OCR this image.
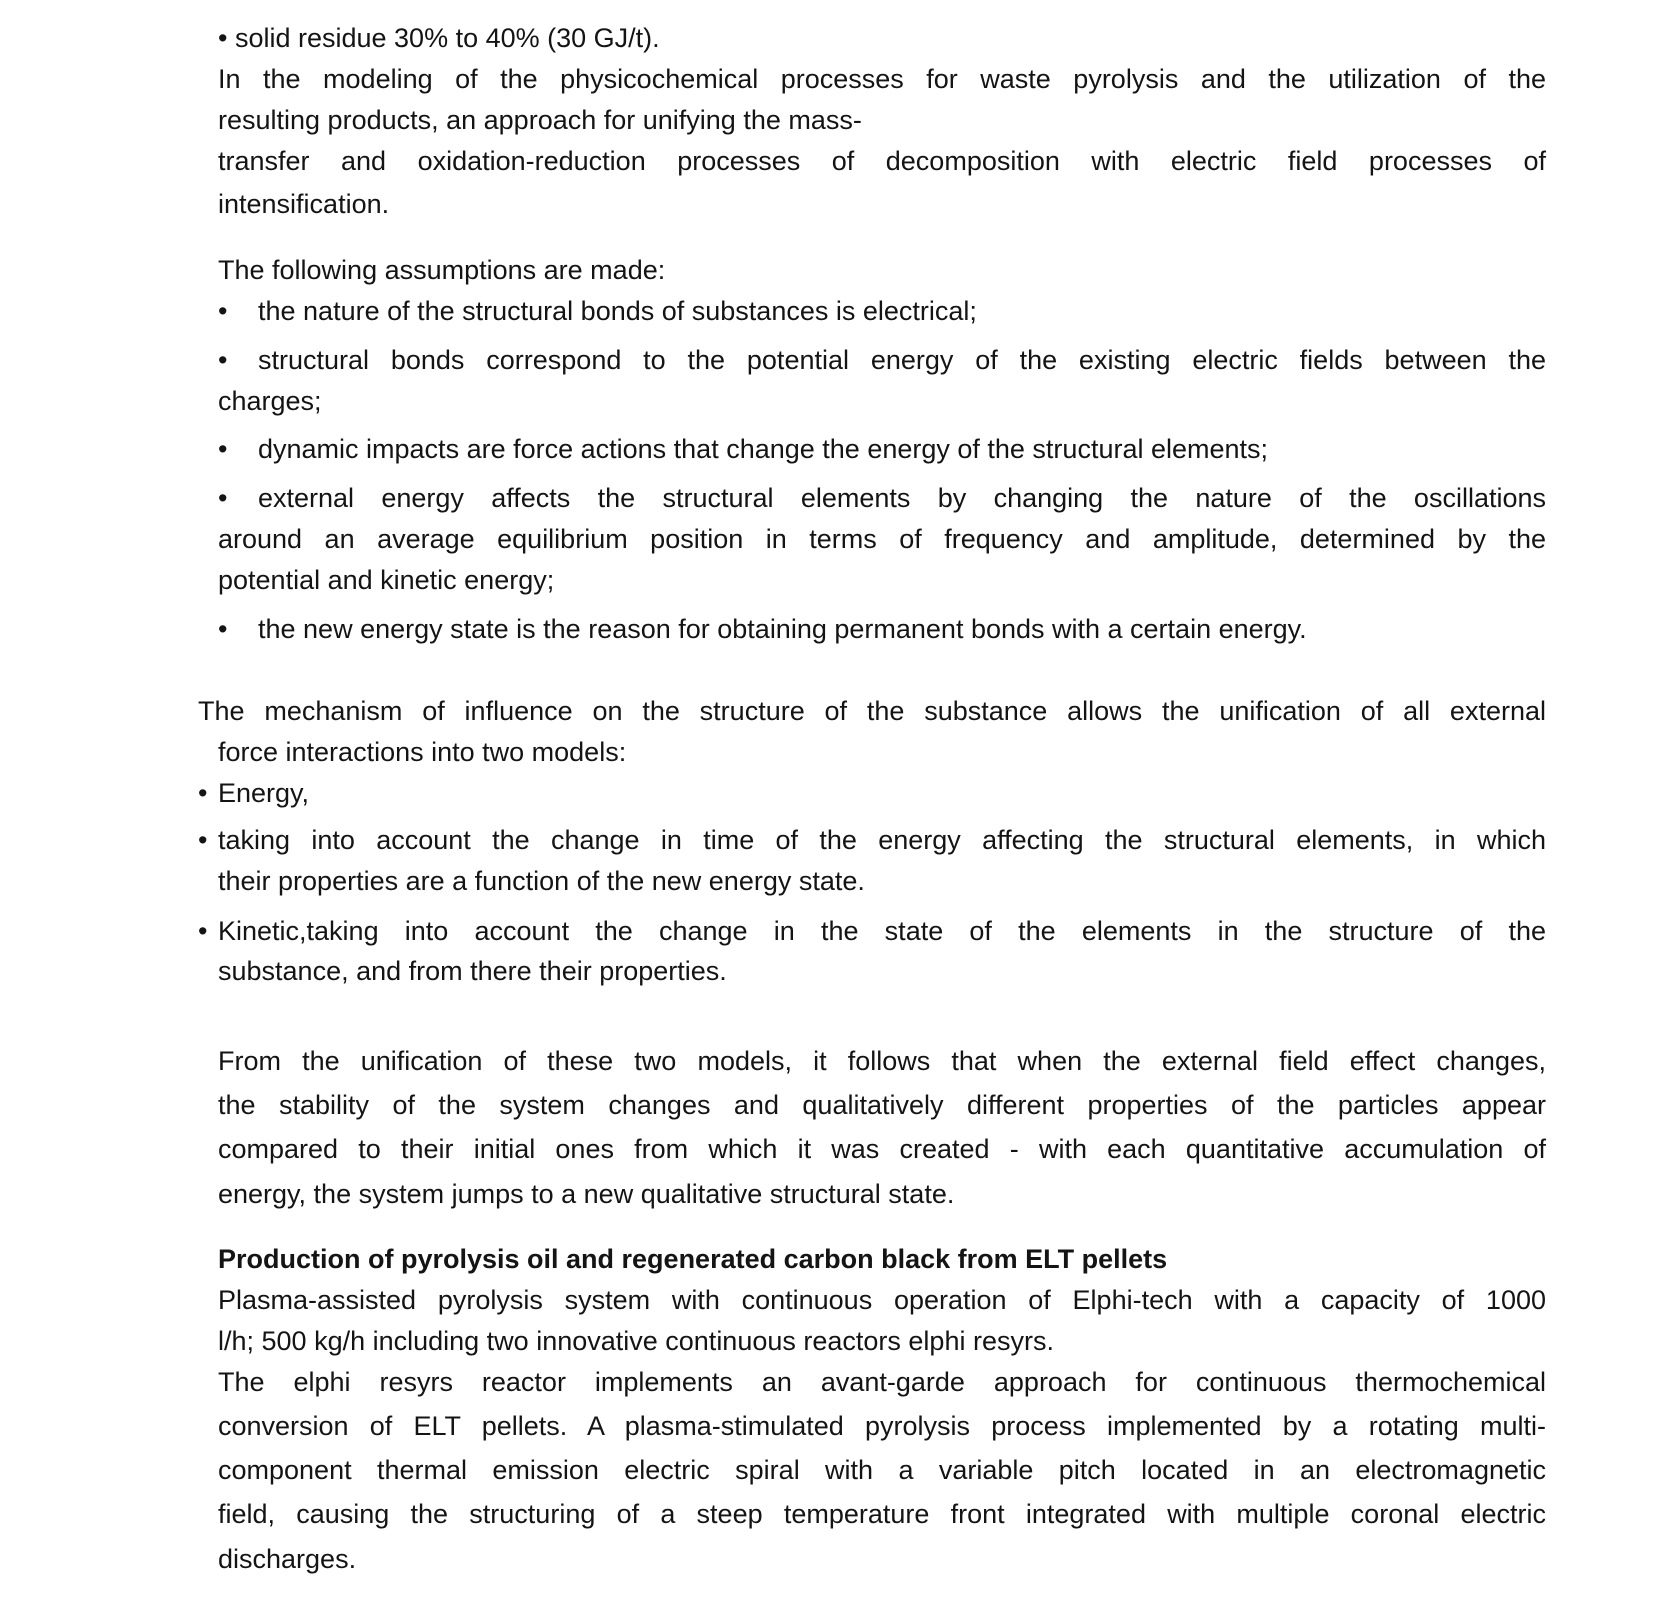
• solid residue 30% to 40% (30 GJ/t).

In the modeling of the physicochemical processes for waste pyrolysis and the utilization of the

resulting products, an approach for unifying the mass-

transfer and oxidation-reduction processes of decomposition with electric field processes of

intensification.

The following assumptions are made:

• the nature of the structural bonds of substances is electrical;

• structural bonds correspond to the potential energy of the existing electric fields between the

charges;

• dynamic impacts are force actions that change the energy of the structural elements;

• external energy affects the structural elements by changing the nature of the oscillations

around an average equilibrium position in terms of frequency and amplitude, determined by the

potential and kinetic energy;

• the new energy state is the reason for obtaining permanent bonds with a certain energy.

The mechanism of influence on the structure of the substance allows the unification of all external

force interactions into two models:

• Energy,

• taking into account the change in time of the energy affecting the structural elements, in which

their properties are a function of the new energy state.

• Kinetic,taking into account the change in the state of the elements in the structure of the

substance, and from there their properties.

From the unification of these two models, it follows that when the external field effect changes,

the stability of the system changes and qualitatively different properties of the particles appear

compared to their initial ones from which it was created - with each quantitative accumulation of

energy, the system jumps to a new qualitative structural state.

Production of pyrolysis oil and regenerated carbon black from ELT pellets

Plasma-assisted pyrolysis system with continuous operation of Elphi-tech with a capacity of 1000

l/h; 500 kg/h including two innovative continuous reactors elphi resyrs.

The elphi resyrs reactor implements an avant-garde approach for continuous thermochemical

conversion of ELT pellets. A plasma-stimulated pyrolysis process implemented by a rotating multi-

component thermal emission electric spiral with a variable pitch located in an electromagnetic

field, causing the structuring of a steep temperature front integrated with multiple coronal electric

discharges.
